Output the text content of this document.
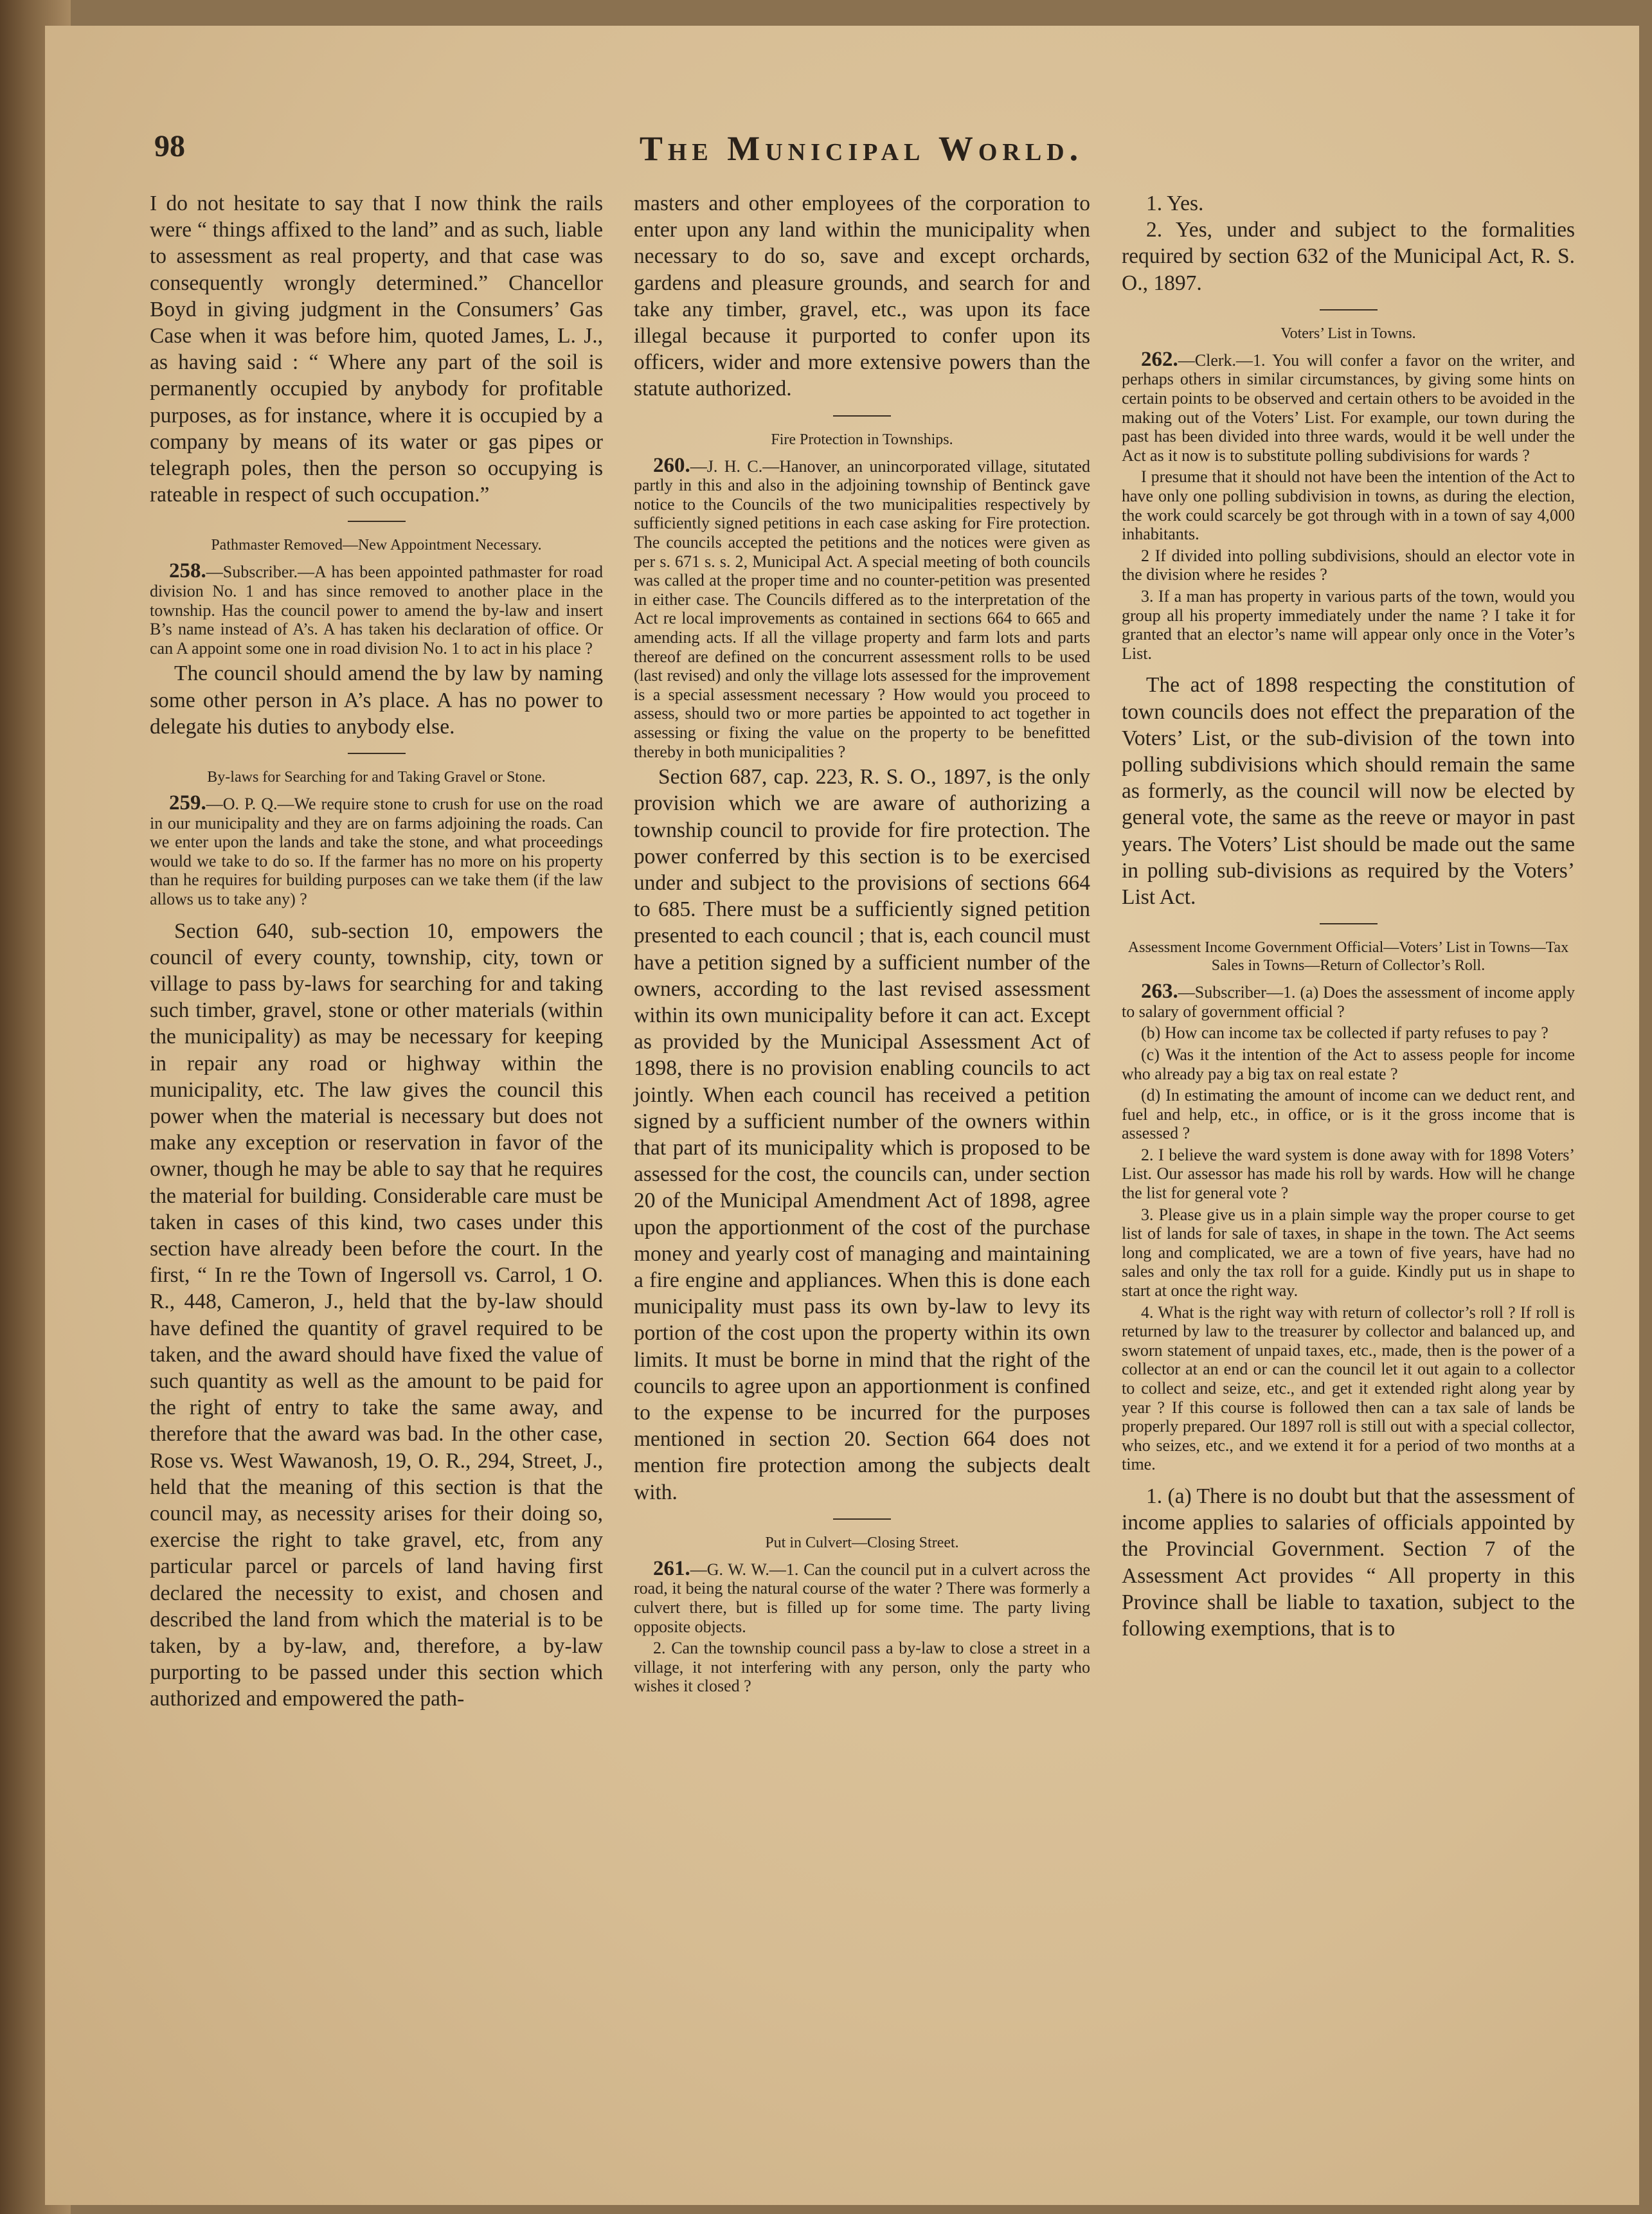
98	The Municipal World.

I do not hesitate to say that I now think the rails were “ things affixed to the land” and as such, liable to assessment as real property, and that case was consequently wrongly determined.” Chancellor Boyd in giving judgment in the Consumers’ Gas Case when it was before him, quoted James, L. J., as having said : “ Where any part of the soil is permanently occupied by anybody for profitable purposes, as for instance, where it is occupied by a company by means of its water or gas pipes or telegraph poles, then the person so occupying is rateable in respect of such occupation.”

Pathmaster Removed—New Appointment Necessary.

258.—Subscriber.—A has been appointed pathmaster for road division No. 1 and has since removed to another place in the township. Has the council power to amend the by-law and insert B’s name instead of A’s. A has taken his declaration of office. Or can A appoint some one in road division No. 1 to act in his place ?

The council should amend the by law by naming some other person in A’s place. A has no power to delegate his duties to anybody else.

By-laws for Searching for and Taking Gravel or Stone.

259.—O. P. Q.—We require stone to crush for use on the road in our municipality and they are on farms adjoining the roads. Can we enter upon the lands and take the stone, and what proceedings would we take to do so. If the farmer has no more on his property than he requires for building purposes can we take them (if the law allows us to take any) ?

Section 640, sub-section 10, empowers the council of every county, township, city, town or village to pass by-laws for searching for and taking such timber, gravel, stone or other materials (within the municipality) as may be necessary for keeping in repair any road or highway within the municipality, etc. The law gives the council this power when the material is necessary but does not make any exception or reservation in favor of the owner, though he may be able to say that he requires the material for building. Considerable care must be taken in cases of this kind, two cases under this section have already been before the court. In the first, “ In re the Town of Ingersoll vs. Carrol, 1 O. R., 448, Cameron, J., held that the by-law should have defined the quantity of gravel required to be taken, and the award should have fixed the value of such quantity as well as the amount to be paid for the right of entry to take the same away, and therefore that the award was bad. In the other case, Rose vs. West Wawanosh, 19, O. R., 294, Street, J., held that the meaning of this section is that the council may, as necessity arises for their doing so, exercise the right to take gravel, etc, from any particular parcel or parcels of land having first declared the necessity to exist, and chosen and described the land from which the material is to be taken, by a by-law, and, therefore, a by-law purporting to be passed under this section which authorized and empowered the path-

masters and other employees of the corporation to enter upon any land within the municipality when necessary to do so, save and except orchards, gardens and pleasure grounds, and search for and take any timber, gravel, etc., was upon its face illegal because it purported to confer upon its officers, wider and more extensive powers than the statute authorized.

Fire Protection in Townships.

260.—J. H. C.—Hanover, an unincorporated village, situtated partly in this and also in the adjoining township of Bentinck gave notice to the Councils of the two municipalities respectively by sufficiently signed petitions in each case asking for Fire protection. The councils accepted the petitions and the notices were given as per s. 671 s. s. 2, Municipal Act. A special meeting of both councils was called at the proper time and no counter-petition was presented in either case. The Councils differed as to the interpretation of the Act re local improvements as contained in sections 664 to 665 and amending acts. If all the village property and farm lots and parts thereof are defined on the concurrent assessment rolls to be used (last revised) and only the village lots assessed for the improvement is a special assessment necessary ? How would you proceed to assess, should two or more parties be appointed to act together in assessing or fixing the value on the property to be benefitted thereby in both municipalities ?

Section 687, cap. 223, R. S. O., 1897, is the only provision which we are aware of authorizing a township council to provide for fire protection. The power conferred by this section is to be exercised under and subject to the provisions of sections 664 to 685. There must be a sufficiently signed petition presented to each council ; that is, each council must have a petition signed by a sufficient number of the owners, according to the last revised assessment within its own municipality before it can act. Except as provided by the Municipal Assessment Act of 1898, there is no provision enabling councils to act jointly. When each council has received a petition signed by a sufficient number of the owners within that part of its municipality which is proposed to be assessed for the cost, the councils can, under section 20 of the Municipal Amendment Act of 1898, agree upon the apportionment of the cost of the purchase money and yearly cost of managing and maintaining a fire engine and appliances. When this is done each municipality must pass its own by-law to levy its portion of the cost upon the property within its own limits. It must be borne in mind that the right of the councils to agree upon an apportionment is confined to the expense to be incurred for the purposes mentioned in section 20. Section 664 does not mention fire protection among the subjects dealt with.

Put in Culvert—Closing Street.

261.—G. W. W.—1. Can the council put in a culvert across the road, it being the natural course of the water ? There was formerly a culvert there, but is filled up for some time. The party living opposite objects.

2. Can the township council pass a by-law to close a street in a village, it not interfering with any person, only the party who wishes it closed ?

1. Yes.

2. Yes, under and subject to the formalities required by section 632 of the Municipal Act, R. S. O., 1897.

Voters’ List in Towns.

262.—Clerk.—1. You will confer a favor on the writer, and perhaps others in similar circumstances, by giving some hints on certain points to be observed and certain others to be avoided in the making out of the Voters’ List. For example, our town during the past has been divided into three wards, would it be well under the Act as it now is to substitute polling subdivisions for wards ?

I presume that it should not have been the intention of the Act to have only one polling subdivision in towns, as during the election, the work could scarcely be got through with in a town of say 4,000 inhabitants.

2 If divided into polling subdivisions, should an elector vote in the division where he resides ?

3. If a man has property in various parts of the town, would you group all his property immediately under the name ? I take it for granted that an elector’s name will appear only once in the Voter’s List.

The act of 1898 respecting the constitution of town councils does not effect the preparation of the Voters’ List, or the sub-division of the town into polling subdivisions which should remain the same as formerly, as the council will now be elected by general vote, the same as the reeve or mayor in past years. The Voters’ List should be made out the same in polling sub-divisions as required by the Voters’ List Act.

Assessment Income Government Official—Voters’ List in Towns—Tax Sales in Towns—Return of Collector’s Roll.

263.—Subscriber—1. (a) Does the assessment of income apply to salary of government official ?

(b) How can income tax be collected if party refuses to pay ?

(c) Was it the intention of the Act to assess people for income who already pay a big tax on real estate ?

(d) In estimating the amount of income can we deduct rent, and fuel and help, etc., in office, or is it the gross income that is assessed ?

2. I believe the ward system is done away with for 1898 Voters’ List. Our assessor has made his roll by wards. How will he change the list for general vote ?

3. Please give us in a plain simple way the proper course to get list of lands for sale of taxes, in shape in the town. The Act seems long and complicated, we are a town of five years, have had no sales and only the tax roll for a guide. Kindly put us in shape to start at once the right way.

4. What is the right way with return of collector’s roll ? If roll is returned by law to the treasurer by collector and balanced up, and sworn statement of unpaid taxes, etc., made, then is the power of a collector at an end or can the council let it out again to a collector to collect and seize, etc., and get it extended right along year by year ? If this course is followed then can a tax sale of lands be properly prepared. Our 1897 roll is still out with a special collector, who seizes, etc., and we extend it for a period of two months at a time.

1. (a) There is no doubt but that the assessment of income applies to salaries of officials appointed by the Provincial Government. Section 7 of the Assessment Act provides “ All property in this Province shall be liable to taxation, subject to the following exemptions, that is to
